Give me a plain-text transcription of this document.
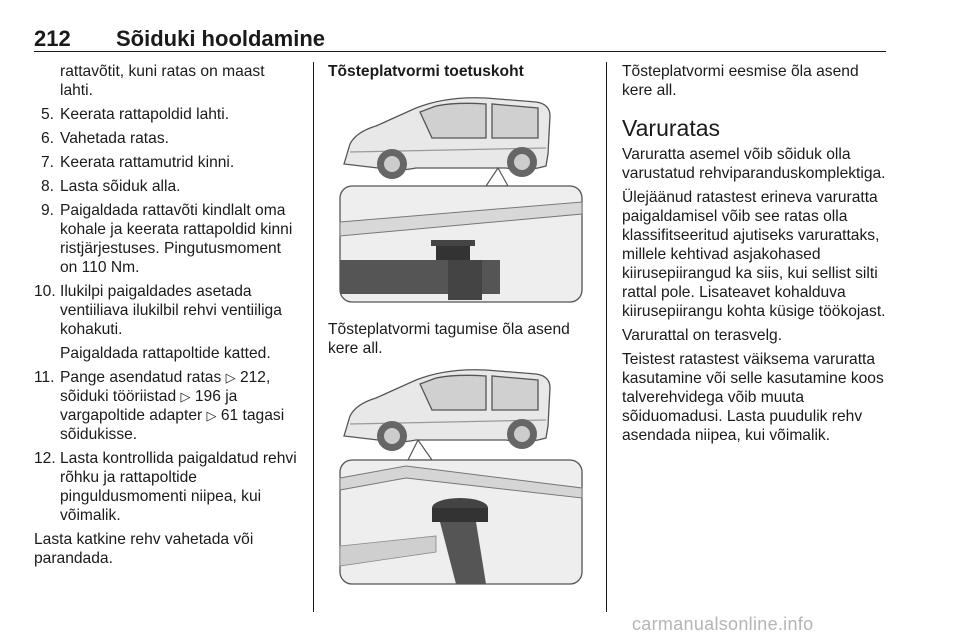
212 Sõiduki hooldamine
rattavõtit, kuni ratas on maast
lahti.
5. Keerata rattapoldid lahti.
6. Vahetada ratas.
7. Keerata rattamutrid kinni.
8. Lasta sõiduk alla.
9. Paigaldada rattavõti kindlalt oma kohale ja keerata rattapoldid kinni ristjärjestuses. Pingutusmoment on 110 Nm.
10. Ilukilpi paigaldades asetada ventiiliava ilukilbil rehvi ventiiliga kohakuti.
Paigaldada rattapoltide katted.
11. Pange asendatud ratas ▷ 212, sõiduki tööriistad ▷ 196 ja vargapoltide adapter ▷ 61 tagasi sõidukisse.
12. Lasta kontrollida paigaldatud rehvi rõhku ja rattapoltide pinguldusmomenti niipea, kui võimalik.
Lasta katkine rehv vahetada või parandada.
Tõsteplatvormi toetuskoht
Tõsteplatvormi tagumise õla asend kere all.
Tõsteplatvormi eesmise õla asend kere all.
Varuratas

Varuratta asemel võib sõiduk olla varustatud rehviparanduskomplektiga.

Ülejäänud ratastest erineva varuratta paigaldamisel võib see ratas olla klassifitseeritud ajutiseks varurattaks, millele kehtivad asjakohased kiirusepiirangud ka siis, kui sellist silti rattal pole. Lisateavet kohalduva kiirusepiirangu kohta küsige töökojast.

Varurattal on terasvelg.

Teistest ratastest väiksema varuratta kasutamine või selle kasutamine koos talverehvidega võib muuta sõiduomadusi. Lasta puudulik rehv asendada niipea, kui võimalik.

carmanualsonline.info
